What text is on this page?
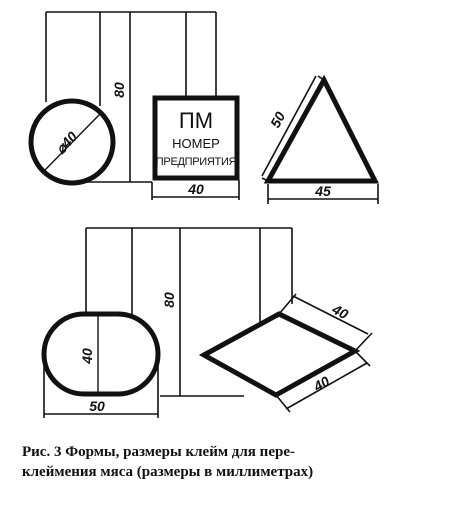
80
⌀40
ПМ
НОМЕР
ПРЕДПРИЯТИЯ
40
50
45
80
40
50
40
40
Рис. 3 Формы, размеры клейм для пере-
клеймения мяса (размеры в миллиметрах)
